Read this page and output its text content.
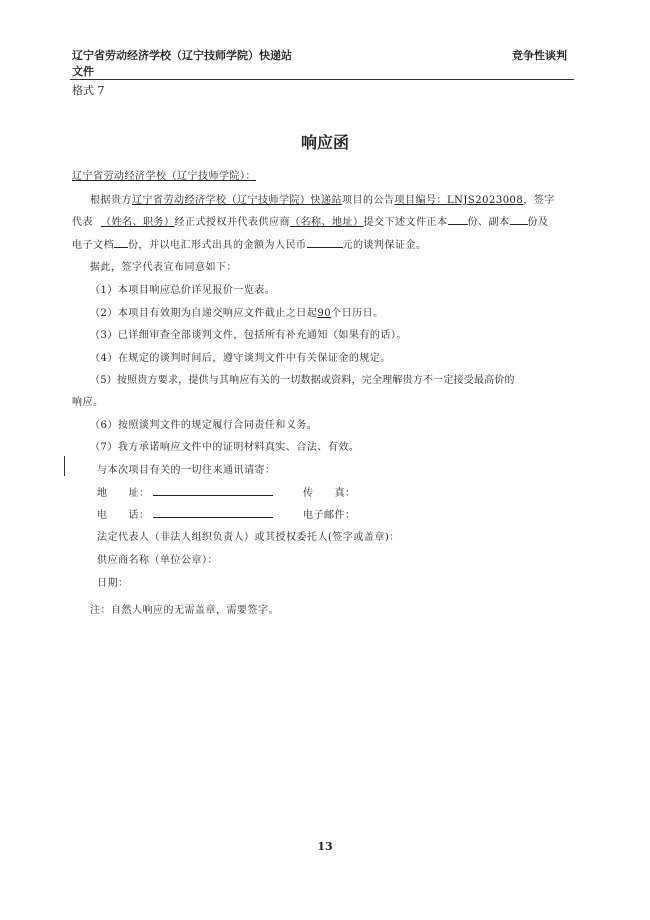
辽宁省劳动经济学校（辽宁技师学院）快递站
文件
竞争性谈判
格式 7
响应函
辽宁省劳动经济学校（辽宁技师学院）：
根据贵方辽宁省劳动经济学校（辽宁技师学院）快递站项目的公告项目编号：LNJS2023008，签字
代表 （姓名、职务）经正式授权并代表供应商（名称、地址）提交下述文件正本 份、副本 份及
电子文档 份，并以电汇形式出具的金额为人民币	元的谈判保证金。
据此，签字代表宣布同意如下：
（1）本项目响应总价详见报价一览表。
（2）本项目有效期为自递交响应文件截止之日起90个日历日。
（3）已详细审查全部谈判文件，包括所有补充通知（如果有的话）。
（4）在规定的谈判时间后，遵守谈判文件中有关保证金的规定。
（5）按照贵方要求，提供与其响应有关的一切数据或资料，完全理解贵方不一定接受最高价的
响应。
（6）按照谈判文件的规定履行合同责任和义务。
（7）我方承诺响应文件中的证明材料真实、合法、有效。
与本次项目有关的一切往来通讯请寄：
地　　址：	传　　真：
电　　话：	电子邮件：
法定代表人（非法人组织负责人）或其授权委托人(签字或盖章)：
供应商名称（单位公章）：
日期：
注：自然人响应的无需盖章，需要签字。
13
